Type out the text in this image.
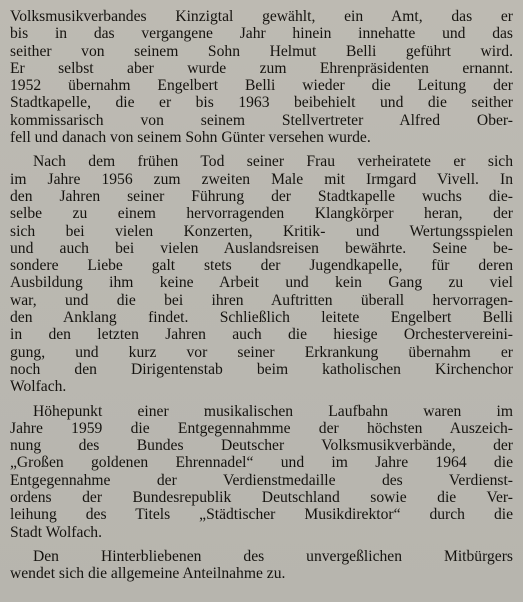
Volksmusikverbandes Kinzigtal gewählt, ein Amt, das er
bis in das vergangene Jahr hinein innehatte und das
seither von seinem Sohn Helmut Belli geführt wird.
Er selbst aber wurde zum Ehrenpräsidenten ernannt.
1952 übernahm Engelbert Belli wieder die Leitung der
Stadtkapelle, die er bis 1963 beibehielt und die seither
kommissarisch von seinem Stellvertreter Alfred Ober-
fell und danach von seinem Sohn Günter versehen wurde.

Nach dem frühen Tod seiner Frau verheiratete er sich
im Jahre 1956 zum zweiten Male mit Irmgard Vivell. In
den Jahren seiner Führung der Stadtkapelle wuchs die-
selbe zu einem hervorragenden Klangkörper heran, der
sich bei vielen Konzerten, Kritik- und Wertungsspielen
und auch bei vielen Auslandsreisen bewährte. Seine be-
sondere Liebe galt stets der Jugendkapelle, für deren
Ausbildung ihm keine Arbeit und kein Gang zu viel
war, und die bei ihren Auftritten überall hervorragen-
den Anklang findet. Schließlich leitete Engelbert Belli
in den letzten Jahren auch die hiesige Orchestervereini-
gung, und kurz vor seiner Erkrankung übernahm er
noch den Dirigentenstab beim katholischen Kirchenchor
Wolfach.

Höhepunkt einer musikalischen Laufbahn waren im
Jahre 1959 die Entgegennahmme der höchsten Auszeich-
nung des Bundes Deutscher Volksmusikverbände, der
„Großen goldenen Ehrennadel“ und im Jahre 1964 die
Entgegennahme der Verdienstmedaille des Verdienst-
ordens der Bundesrepublik Deutschland sowie die Ver-
leihung des Titels „Städtischer Musikdirektor“ durch die
Stadt Wolfach.

Den Hinterbliebenen des unvergeßlichen Mitbürgers
wendet sich die allgemeine Anteilnahme zu.
